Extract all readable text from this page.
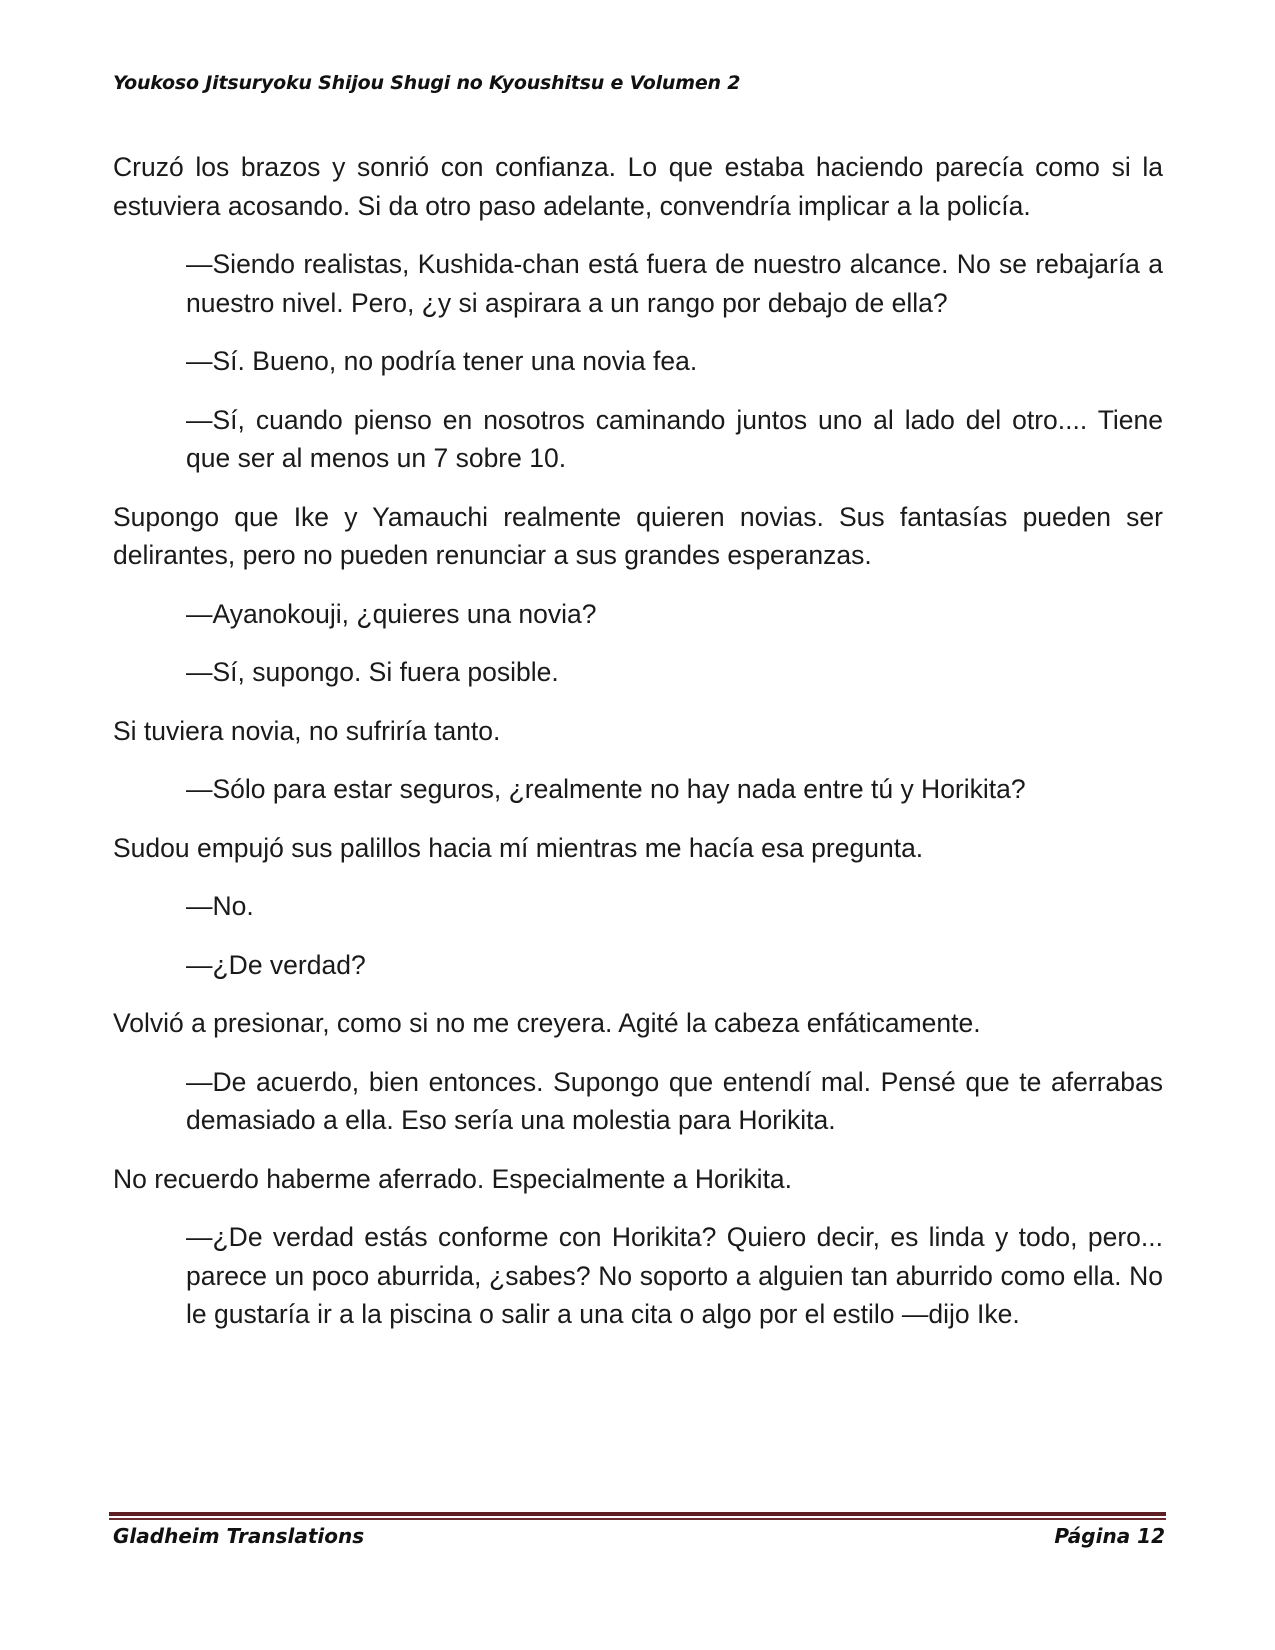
Youkoso Jitsuryoku Shijou Shugi no Kyoushitsu e Volumen 2

Cruzó los brazos y sonrió con confianza. Lo que estaba haciendo parecía como si la estuviera acosando. Si da otro paso adelante, convendría implicar a la policía.

—Siendo realistas, Kushida-chan está fuera de nuestro alcance. No se rebajaría a nuestro nivel. Pero, ¿y si aspirara a un rango por debajo de ella?

—Sí. Bueno, no podría tener una novia fea.

—Sí, cuando pienso en nosotros caminando juntos uno al lado del otro.... Tiene que ser al menos un 7 sobre 10.

Supongo que Ike y Yamauchi realmente quieren novias. Sus fantasías pueden ser delirantes, pero no pueden renunciar a sus grandes esperanzas.

—Ayanokouji, ¿quieres una novia?

—Sí, supongo. Si fuera posible.

Si tuviera novia, no sufriría tanto.

—Sólo para estar seguros, ¿realmente no hay nada entre tú y Horikita?

Sudou empujó sus palillos hacia mí mientras me hacía esa pregunta.

—No.

—¿De verdad?

Volvió a presionar, como si no me creyera. Agité la cabeza enfáticamente.

—De acuerdo, bien entonces. Supongo que entendí mal. Pensé que te aferrabas demasiado a ella. Eso sería una molestia para Horikita.

No recuerdo haberme aferrado. Especialmente a Horikita.

—¿De verdad estás conforme con Horikita? Quiero decir, es linda y todo, pero... parece un poco aburrida, ¿sabes? No soporto a alguien tan aburrido como ella. No le gustaría ir a la piscina o salir a una cita o algo por el estilo —dijo Ike.

Gladheim Translations	Página 12
